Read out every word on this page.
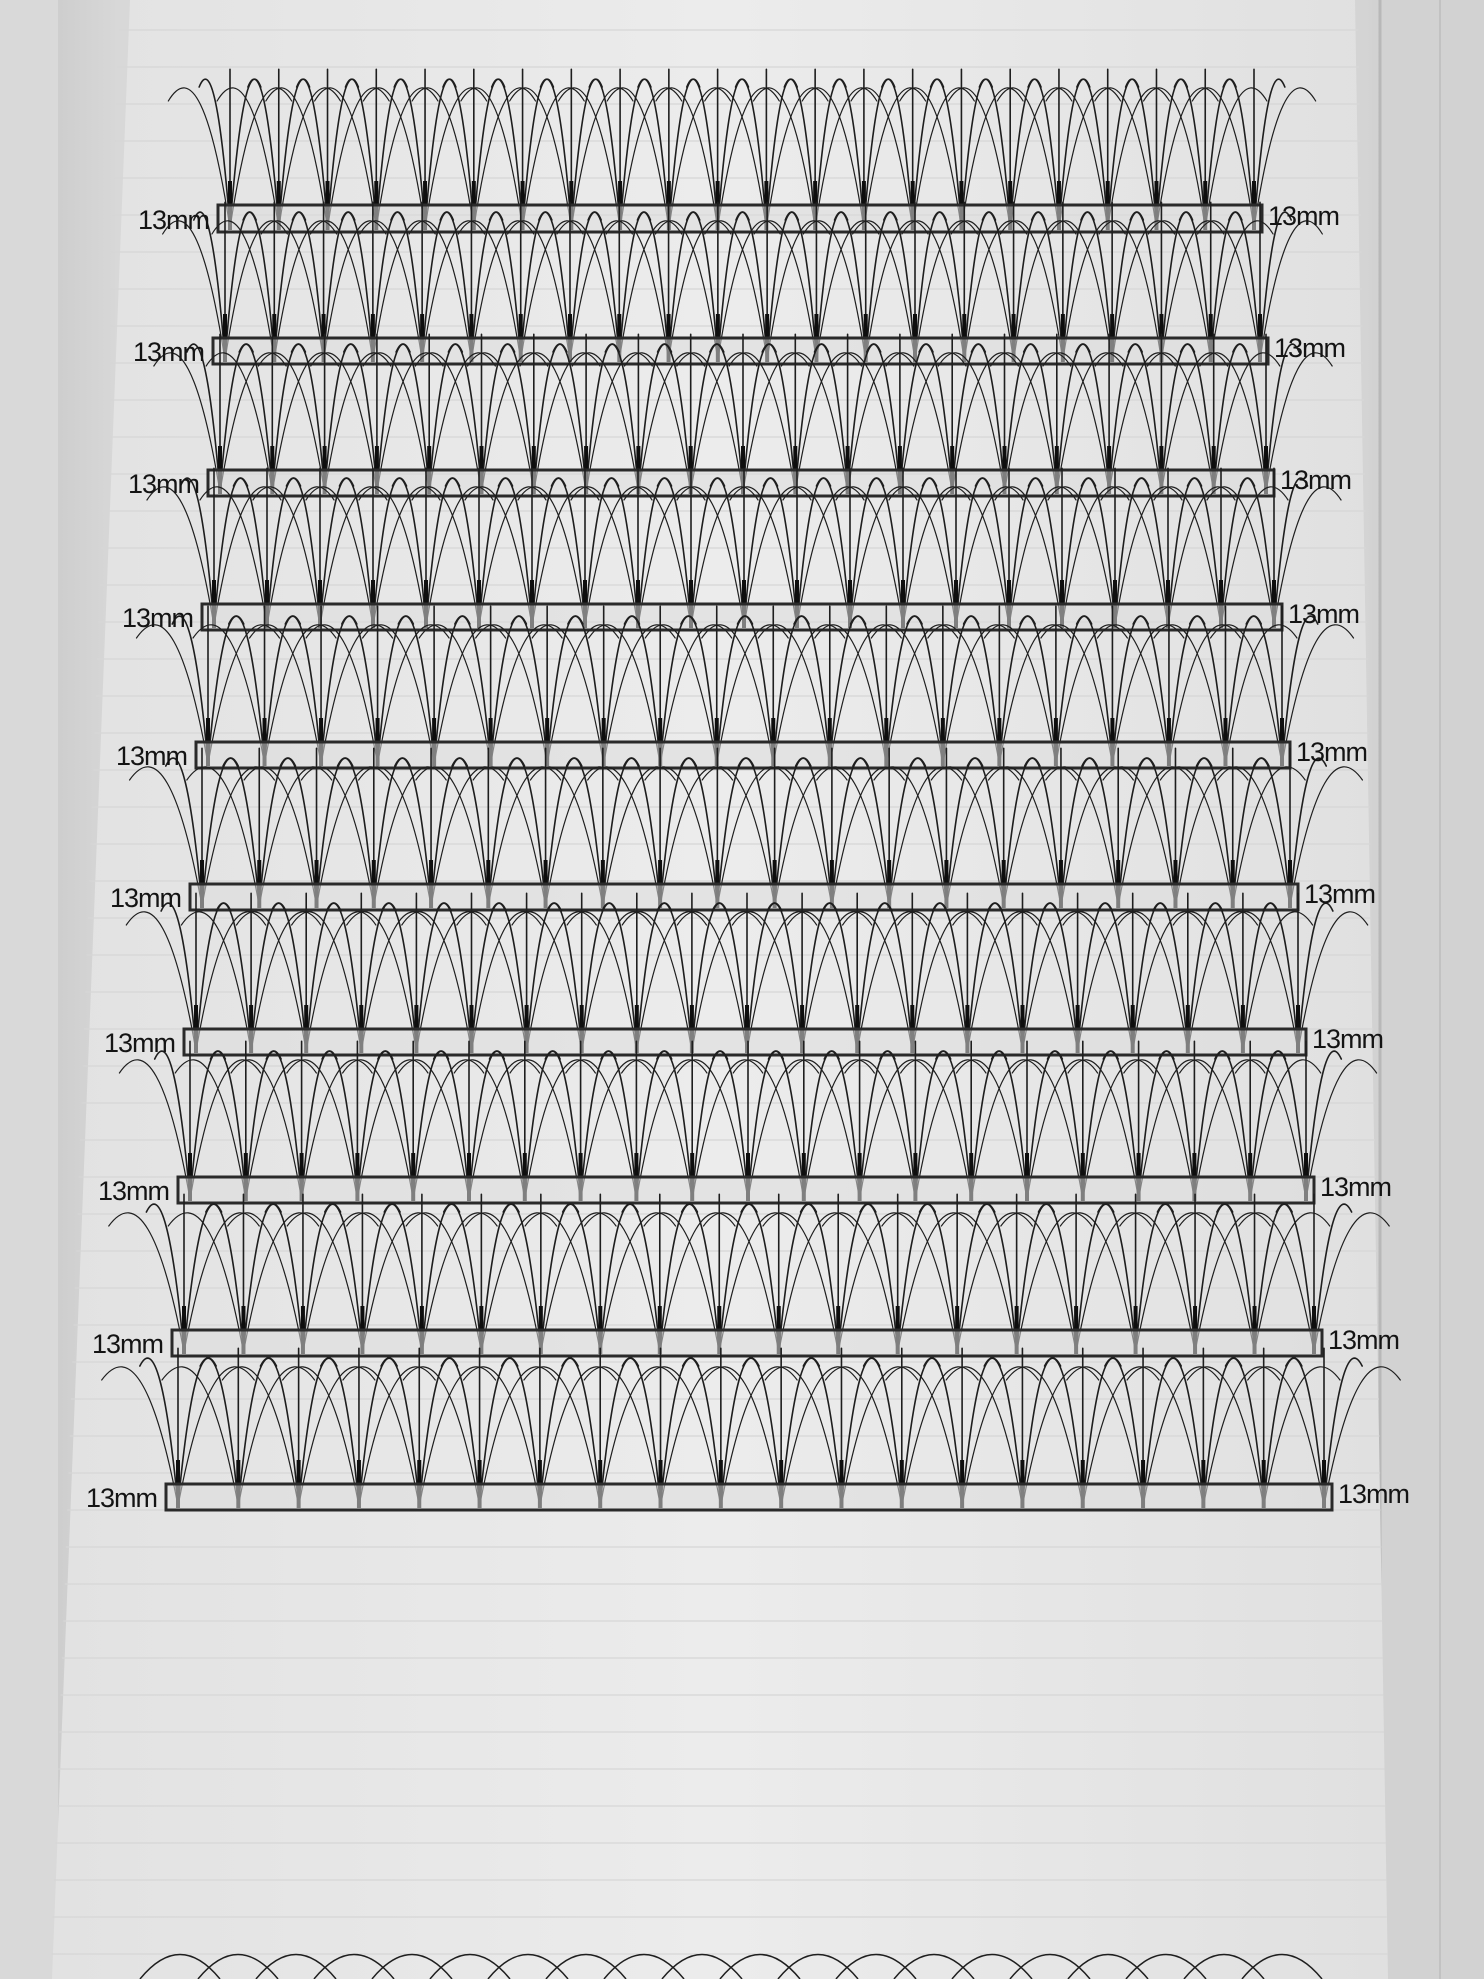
13mm	13mm
13mm	13mm
13mm	13mm
13mm	13mm
13mm	13mm
13mm	13mm
13mm	13mm
13mm	13mm
13mm	13mm
13mm	13mm
